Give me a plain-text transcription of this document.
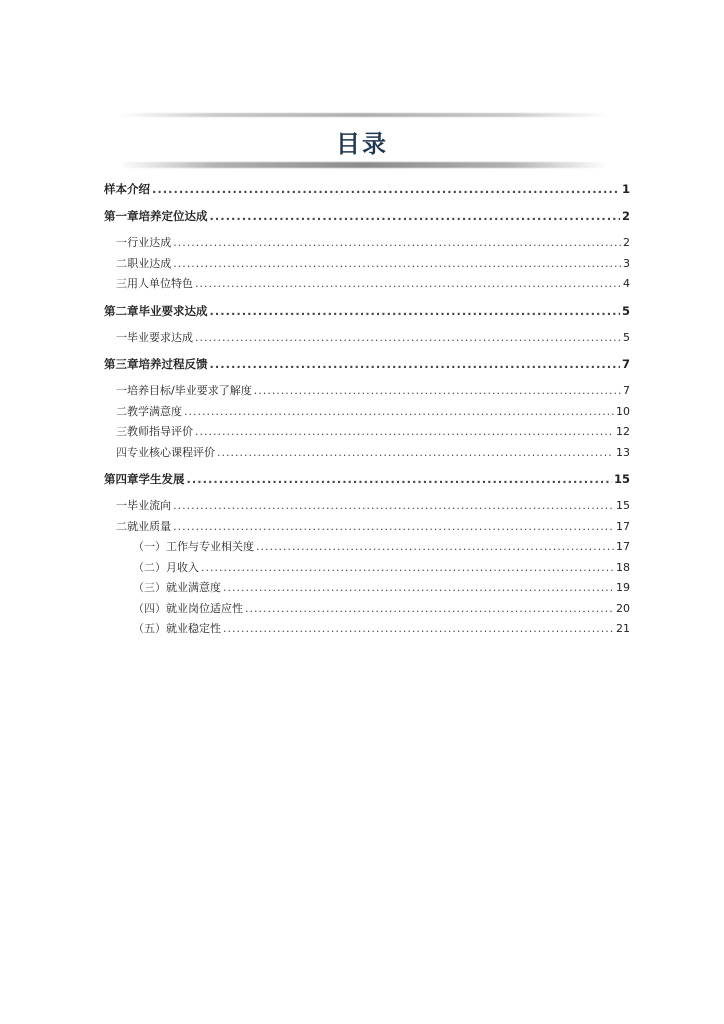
目录
样本介绍 .....	1
第一章 培养定位达成 .....	2
一 行业达成 .....	2
二 职业达成 .....	3
三 用人单位特色 .....	4
第二章 毕业要求达成 .....	5
一 毕业要求达成 .....	5
第三章 培养过程反馈 .....	7
一 培养目标/毕业要求了解度 .....	7
二 教学满意度 .....	10
三 教师指导评价 .....	12
四 专业核心课程评价 .....	13
第四章 学生发展 .....	15
一 毕业流向 .....	15
二 就业质量 .....	17
（一） 工作与专业相关度 .....	17
（二） 月收入 .....	18
（三） 就业满意度 .....	19
（四） 就业岗位适应性 .....	20
（五） 就业稳定性 .....	21
